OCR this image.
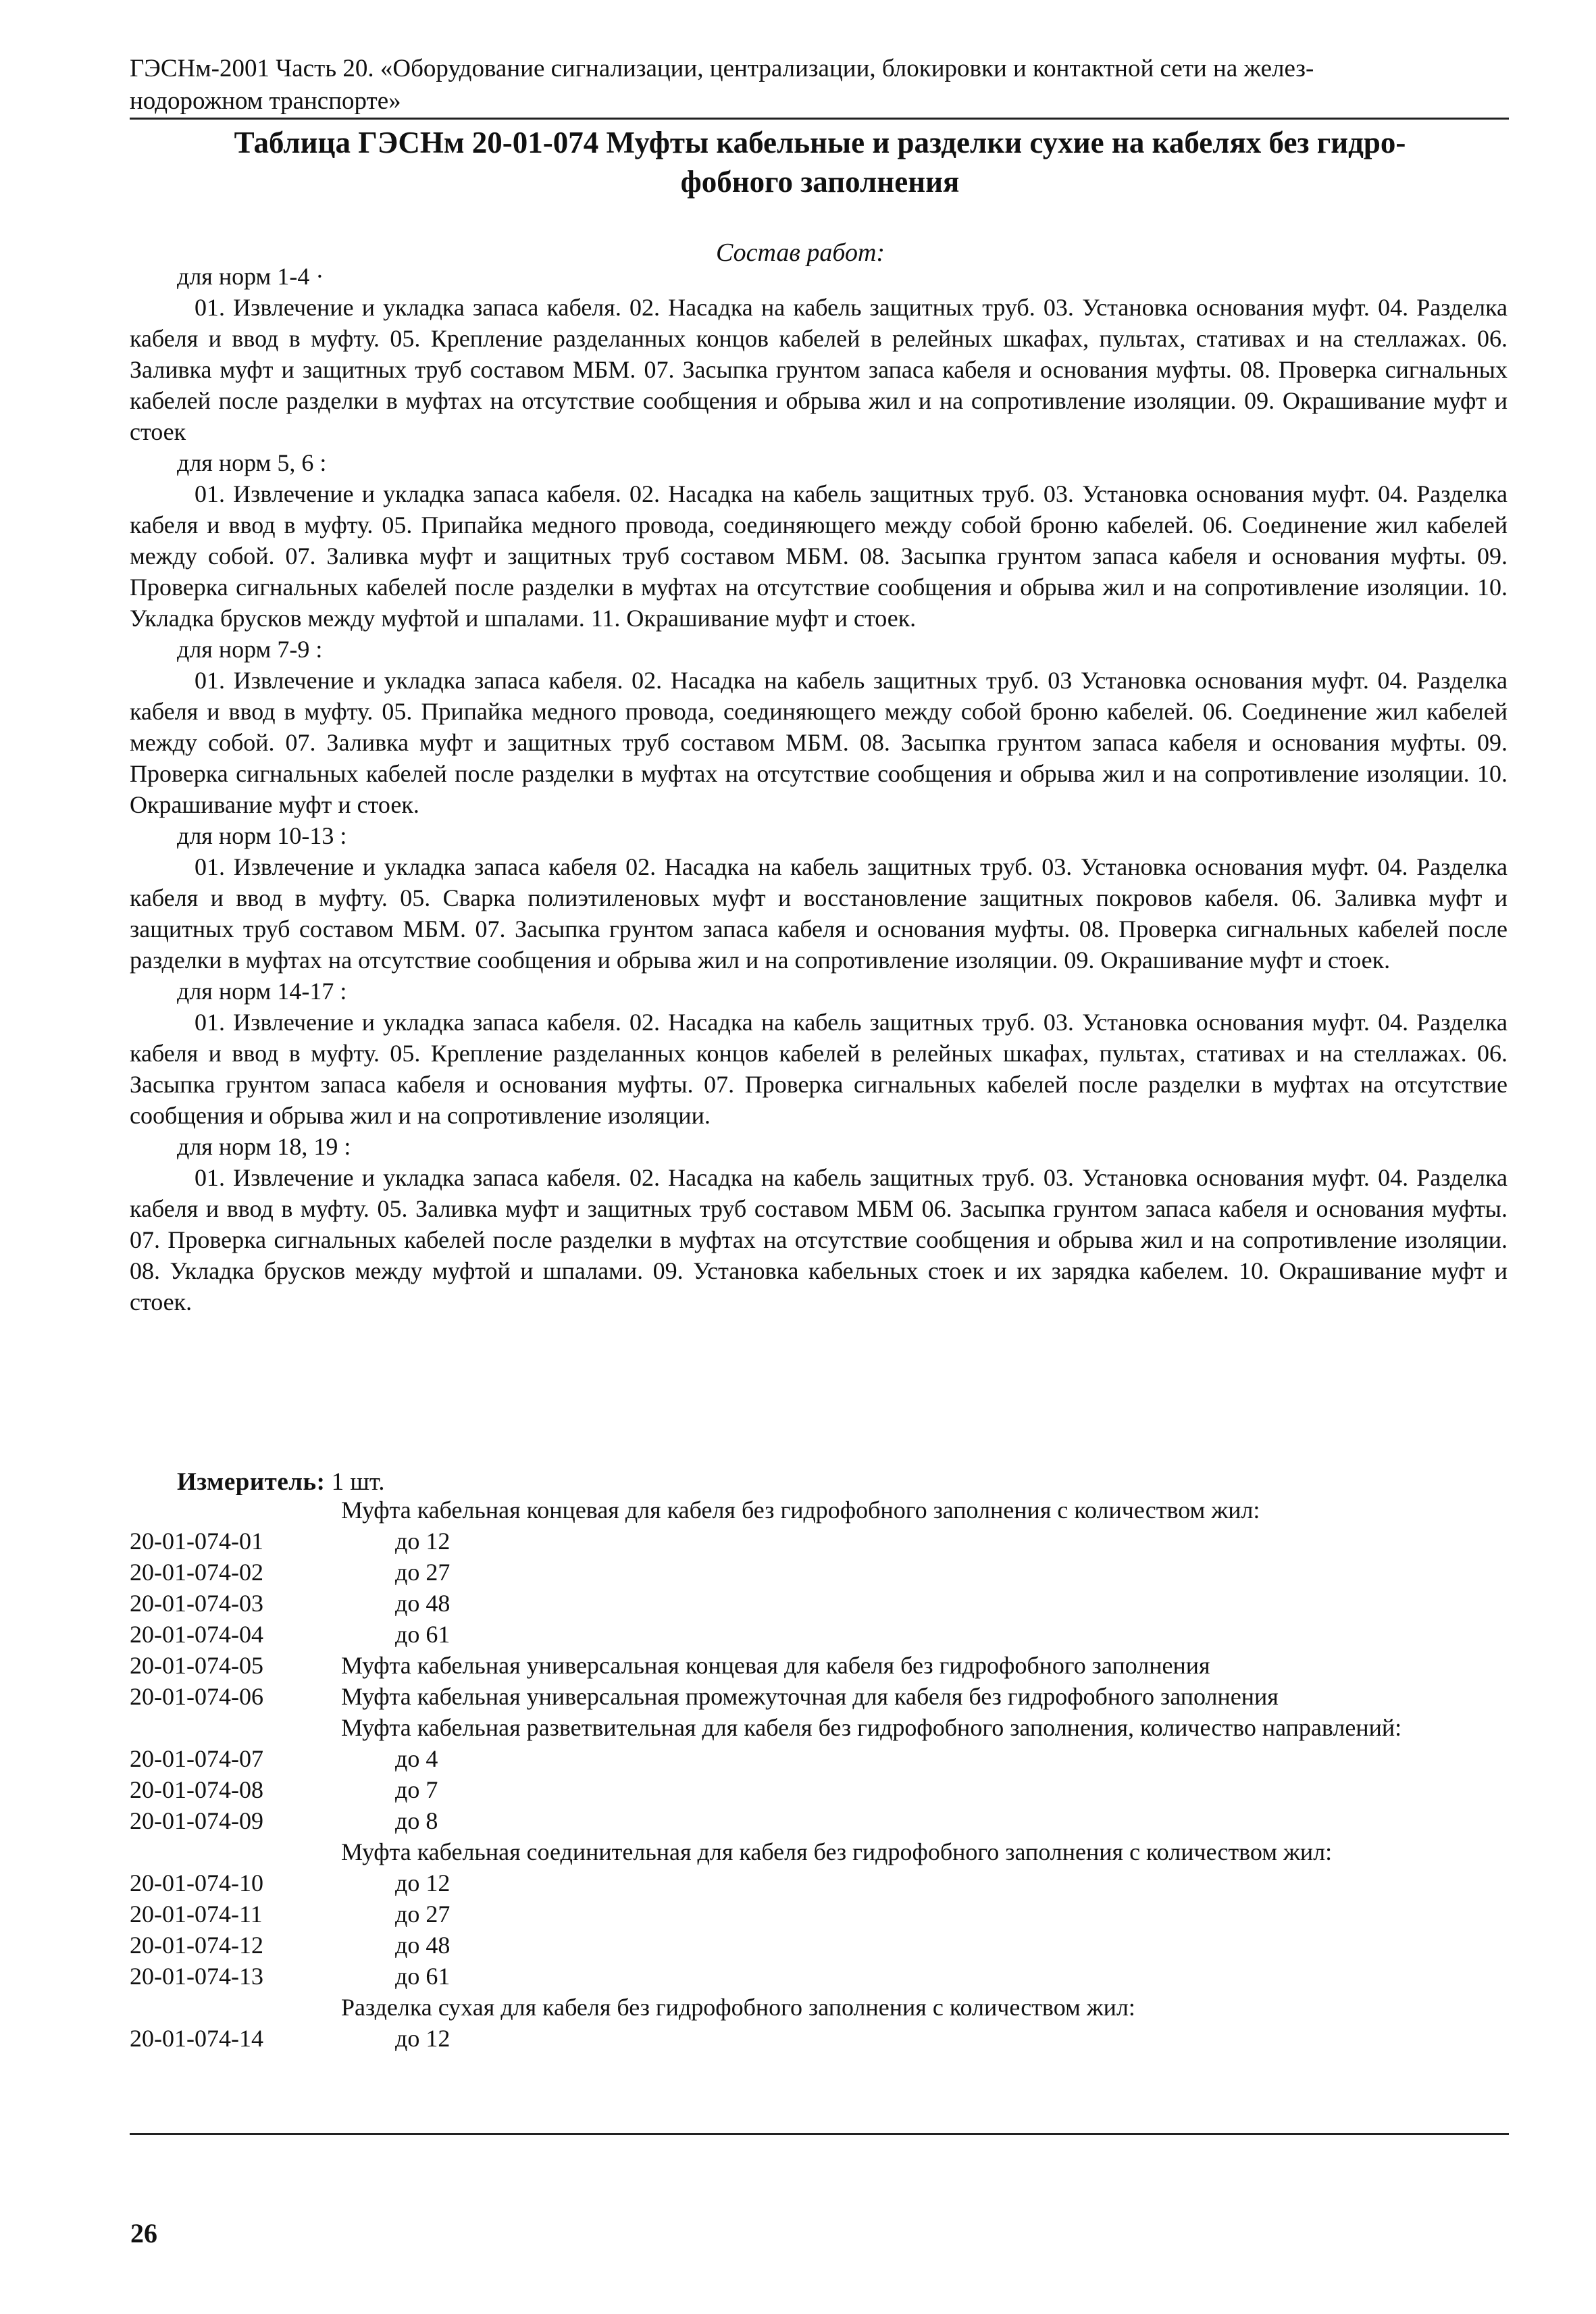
ГЭСНм-2001 Часть 20. «Оборудование сигнализации, централизации, блокировки и контактной сети на желез-
нодорожном транспорте»
Таблица ГЭСНм 20-01-074 Муфты кабельные и разделки сухие на кабелях без гидро-
фобного заполнения
Состав работ:
для норм 1-4 ·
01. Извлечение и укладка запаса кабеля. 02. Насадка на кабель защитных труб. 03. Установка основания муфт. 04. Разделка кабеля и ввод в муфту. 05. Крепление разделанных концов кабелей в релейных шкафах, пультах, стативах и на стеллажах. 06. Заливка муфт и защитных труб составом МБМ. 07. Засыпка грунтом запаса кабеля и основания муфты. 08. Проверка сигнальных кабелей после разделки в муфтах на отсутствие сообщения и обрыва жил и на сопротивление изоляции. 09. Окрашивание муфт и стоек
для норм 5, 6 :
01. Извлечение и укладка запаса кабеля. 02. Насадка на кабель защитных труб. 03. Установка основания муфт. 04. Разделка кабеля и ввод в муфту. 05. Припайка медного провода, соединяющего между собой броню кабелей. 06. Соединение жил кабелей между собой. 07. Заливка муфт и защитных труб составом МБМ. 08. Засыпка грунтом запаса кабеля и основания муфты. 09. Проверка сигнальных кабелей после разделки в муфтах на отсутствие сообщения и обрыва жил и на сопротивление изоляции. 10. Укладка брусков между муфтой и шпалами. 11. Окрашивание муфт и стоек.
для норм 7-9 :
01. Извлечение и укладка запаса кабеля. 02. Насадка на кабель защитных труб. 03 Установка основания муфт. 04. Разделка кабеля и ввод в муфту. 05. Припайка медного провода, соединяющего между собой броню кабелей. 06. Соединение жил кабелей между собой. 07. Заливка муфт и защитных труб составом МБМ. 08. Засыпка грунтом запаса кабеля и основания муфты. 09. Проверка сигнальных кабелей после разделки в муфтах на отсутствие сообщения и обрыва жил и на сопротивление изоляции. 10. Окрашивание муфт и стоек.
для норм 10-13 :
01. Извлечение и укладка запаса кабеля 02. Насадка на кабель защитных труб. 03. Установка основания муфт. 04. Разделка кабеля и ввод в муфту. 05. Сварка полиэтиленовых муфт и восстановление защитных покровов кабеля. 06. Заливка муфт и защитных труб составом МБМ. 07. Засыпка грунтом запаса кабеля и основания муфты. 08. Проверка сигнальных кабелей после разделки в муфтах на отсутствие сообщения и обрыва жил и на сопротивление изоляции. 09. Окрашивание муфт и стоек.
для норм 14-17 :
01. Извлечение и укладка запаса кабеля. 02. Насадка на кабель защитных труб. 03. Установка основания муфт. 04. Разделка кабеля и ввод в муфту. 05. Крепление разделанных концов кабелей в релейных шкафах, пультах, стативах и на стеллажах. 06. Засыпка грунтом запаса кабеля и основания муфты. 07. Проверка сигнальных кабелей после разделки в муфтах на отсутствие сообщения и обрыва жил и на сопротивление изоляции.
для норм 18, 19 :
01. Извлечение и укладка запаса кабеля. 02. Насадка на кабель защитных труб. 03. Установка основания муфт. 04. Разделка кабеля и ввод в муфту. 05. Заливка муфт и защитных труб составом МБМ 06. Засыпка грунтом запаса кабеля и основания муфты. 07. Проверка сигнальных кабелей после разделки в муфтах на отсутствие сообщения и обрыва жил и на сопротивление изоляции. 08. Укладка брусков между муфтой и шпалами. 09. Установка кабельных стоек и их зарядка кабелем. 10. Окрашивание муфт и стоек.
Измеритель: 1 шт.
Муфта кабельная концевая для кабеля без гидрофобного заполнения с количеством жил:
20-01-074-01	до 12
20-01-074-02	до 27
20-01-074-03	до 48
20-01-074-04	до 61
20-01-074-05	Муфта кабельная универсальная концевая для кабеля без гидрофобного заполнения
20-01-074-06	Муфта кабельная универсальная промежуточная для кабеля без гидрофобного заполнения
Муфта кабельная разветвительная для кабеля без гидрофобного заполнения, количество направлений:
20-01-074-07	до 4
20-01-074-08	до 7
20-01-074-09	до 8
Муфта кабельная соединительная для кабеля без гидрофобного заполнения с количеством жил:
20-01-074-10	до 12
20-01-074-11	до 27
20-01-074-12	до 48
20-01-074-13	до 61
Разделка сухая для кабеля без гидрофобного заполнения с количеством жил:
20-01-074-14	до 12
26
